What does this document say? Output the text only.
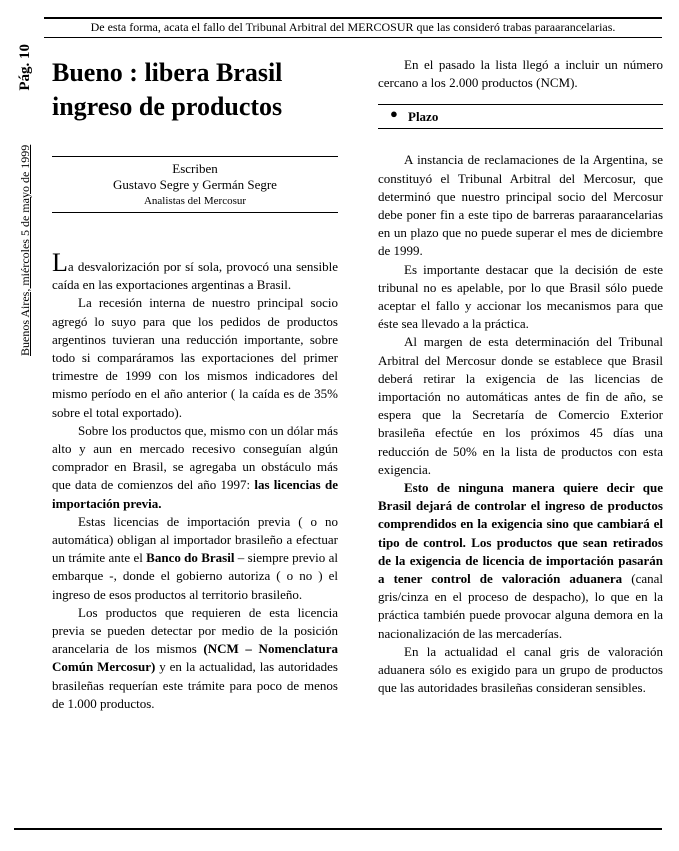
De esta forma, acata el fallo del Tribunal Arbitral del MERCOSUR que las consideró trabas paraarancelarias.
Buenos Aires, miércoles 5 de mayo de 1999
Pág. 10 Bueno : libera Brasil ingreso de productos
Escriben
Gustavo Segre y Germán Segre
Analistas del Mercosur

La desvalorización por sí sola, provocó una sensible caída en las exportaciones argentinas a Brasil.

La recesión interna de nuestro principal socio agregó lo suyo para que los pedidos de productos argentinos tuvieran una reducción importante, sobre todo si comparáramos las exportaciones del primer trimestre de 1999 con los mismos indicadores del mismo período en el año anterior ( la caída es de 35% sobre el total exportado).

Sobre los productos que, mismo con un dólar más alto y aun en mercado recesivo conseguían algún comprador en Brasil, se agregaba un obstáculo más que data de comienzos del año 1997: las licencias de importación previa.

Estas licencias de importación previa ( o no automática) obligan al importador brasileño a efectuar un trámite ante el Banco do Brasil – siempre previo al embarque -, donde el gobierno autoriza ( o no ) el ingreso de esos productos al territorio brasileño.

Los productos que requieren de esta licencia previa se pueden detectar por medio de la posición arancelaria de los mismos (NCM – Nomenclatura Común Mercosur) y en la actualidad, las autoridades brasileñas requerían este trámite para poco de menos de 1.000 productos.

En el pasado la lista llegó a incluir un número cercano a los 2.000 productos (NCM).

● Plazo

A instancia de reclamaciones de la Argentina, se constituyó el Tribunal Arbitral del Mercosur, que determinó que nuestro principal socio del Mercosur debe poner fin a este tipo de barreras paraarancelarias en un plazo que no puede superar el mes de diciembre de 1999.

Es importante destacar que la decisión de este tribunal no es apelable, por lo que Brasil sólo puede aceptar el fallo y accionar los mecanismos para que éste sea llevado a la práctica.

Al margen de esta determinación del Tribunal Arbitral del Mercosur donde se establece que Brasil deberá retirar la exigencia de las licencias de importación no automáticas antes de fin de año, se espera que la Secretaría de Comercio Exterior brasileña efectúe en los próximos 45 días una reducción de 50% en la lista de productos con esta exigencia.

Esto de ninguna manera quiere decir que Brasil dejará de controlar el ingreso de productos comprendidos en la exigencia sino que cambiará el tipo de control. Los productos que sean retirados de la exigencia de licencia de importación pasarán a tener control de valoración aduanera (canal gris/cinza en el proceso de despacho), lo que en la práctica también puede provocar alguna demora en la nacionalización de las mercaderías.

En la actualidad el canal gris de valoración aduanera sólo es exigido para un grupo de productos que las autoridades brasileñas consideran sensibles.
